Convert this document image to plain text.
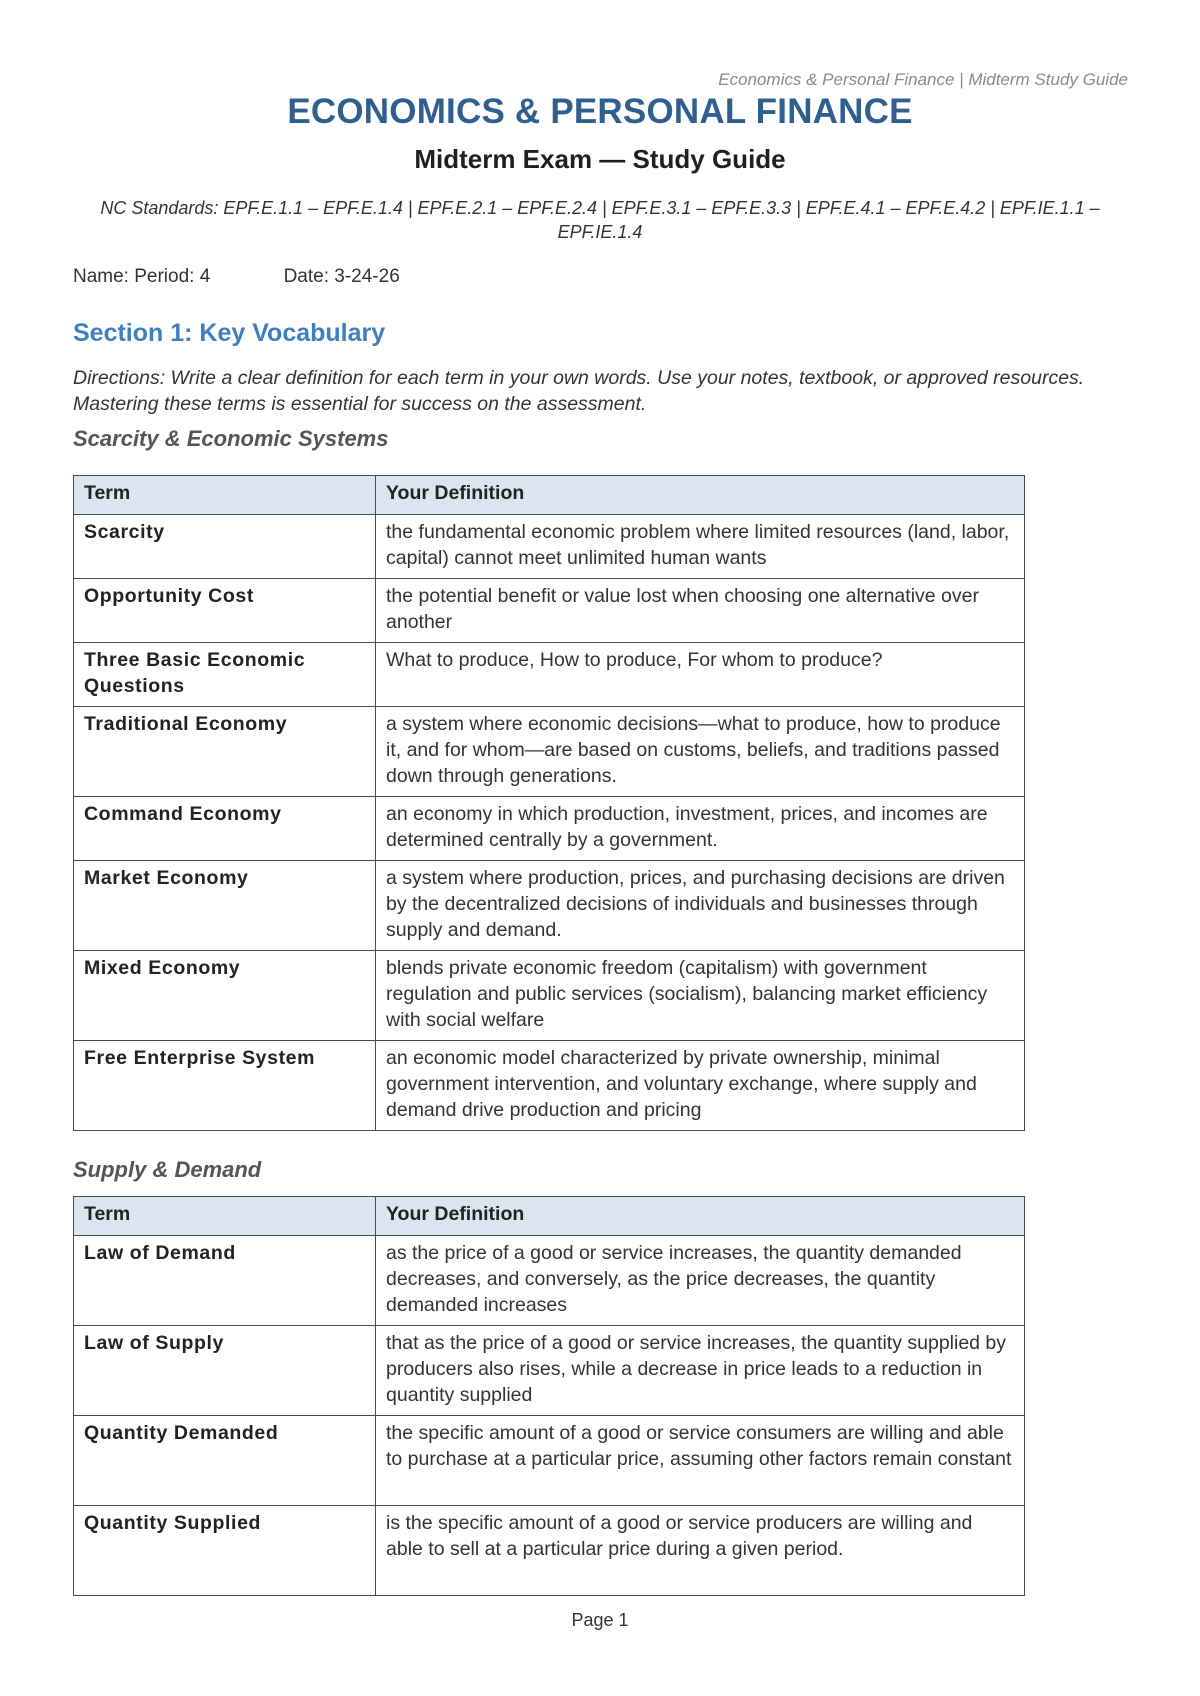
Economics & Personal Finance | Midterm Study Guide
ECONOMICS & PERSONAL FINANCE
Midterm Exam — Study Guide
NC Standards: EPF.E.1.1 – EPF.E.1.4 | EPF.E.2.1 – EPF.E.2.4 | EPF.E.3.1 – EPF.E.3.3 | EPF.E.4.1 – EPF.E.4.2 | EPF.IE.1.1 – EPF.IE.1.4
Name: Period: 4	Date: 3-24-26
Section 1: Key Vocabulary
Directions: Write a clear definition for each term in your own words. Use your notes, textbook, or approved resources. Mastering these terms is essential for success on the assessment.
Scarcity & Economic Systems
Term	Your Definition
Scarcity	the fundamental economic problem where limited resources (land, labor, capital) cannot meet unlimited human wants
Opportunity Cost	the potential benefit or value lost when choosing one alternative over another
Three Basic Economic Questions	What to produce, How to produce, For whom to produce?
Traditional Economy	a system where economic decisions—what to produce, how to produce it, and for whom—are based on customs, beliefs, and traditions passed down through generations.
Command Economy	an economy in which production, investment, prices, and incomes are determined centrally by a government.
Market Economy	a system where production, prices, and purchasing decisions are driven by the decentralized decisions of individuals and businesses through supply and demand.
Mixed Economy	blends private economic freedom (capitalism) with government regulation and public services (socialism), balancing market efficiency with social welfare
Free Enterprise System	an economic model characterized by private ownership, minimal government intervention, and voluntary exchange, where supply and demand drive production and pricing
Supply & Demand
Term	Your Definition
Law of Demand	as the price of a good or service increases, the quantity demanded decreases, and conversely, as the price decreases, the quantity demanded increases
Law of Supply	that as the price of a good or service increases, the quantity supplied by producers also rises, while a decrease in price leads to a reduction in quantity supplied
Quantity Demanded	the specific amount of a good or service consumers are willing and able to purchase at a particular price, assuming other factors remain constant
Quantity Supplied	is the specific amount of a good or service producers are willing and able to sell at a particular price during a given period.
Page 1
